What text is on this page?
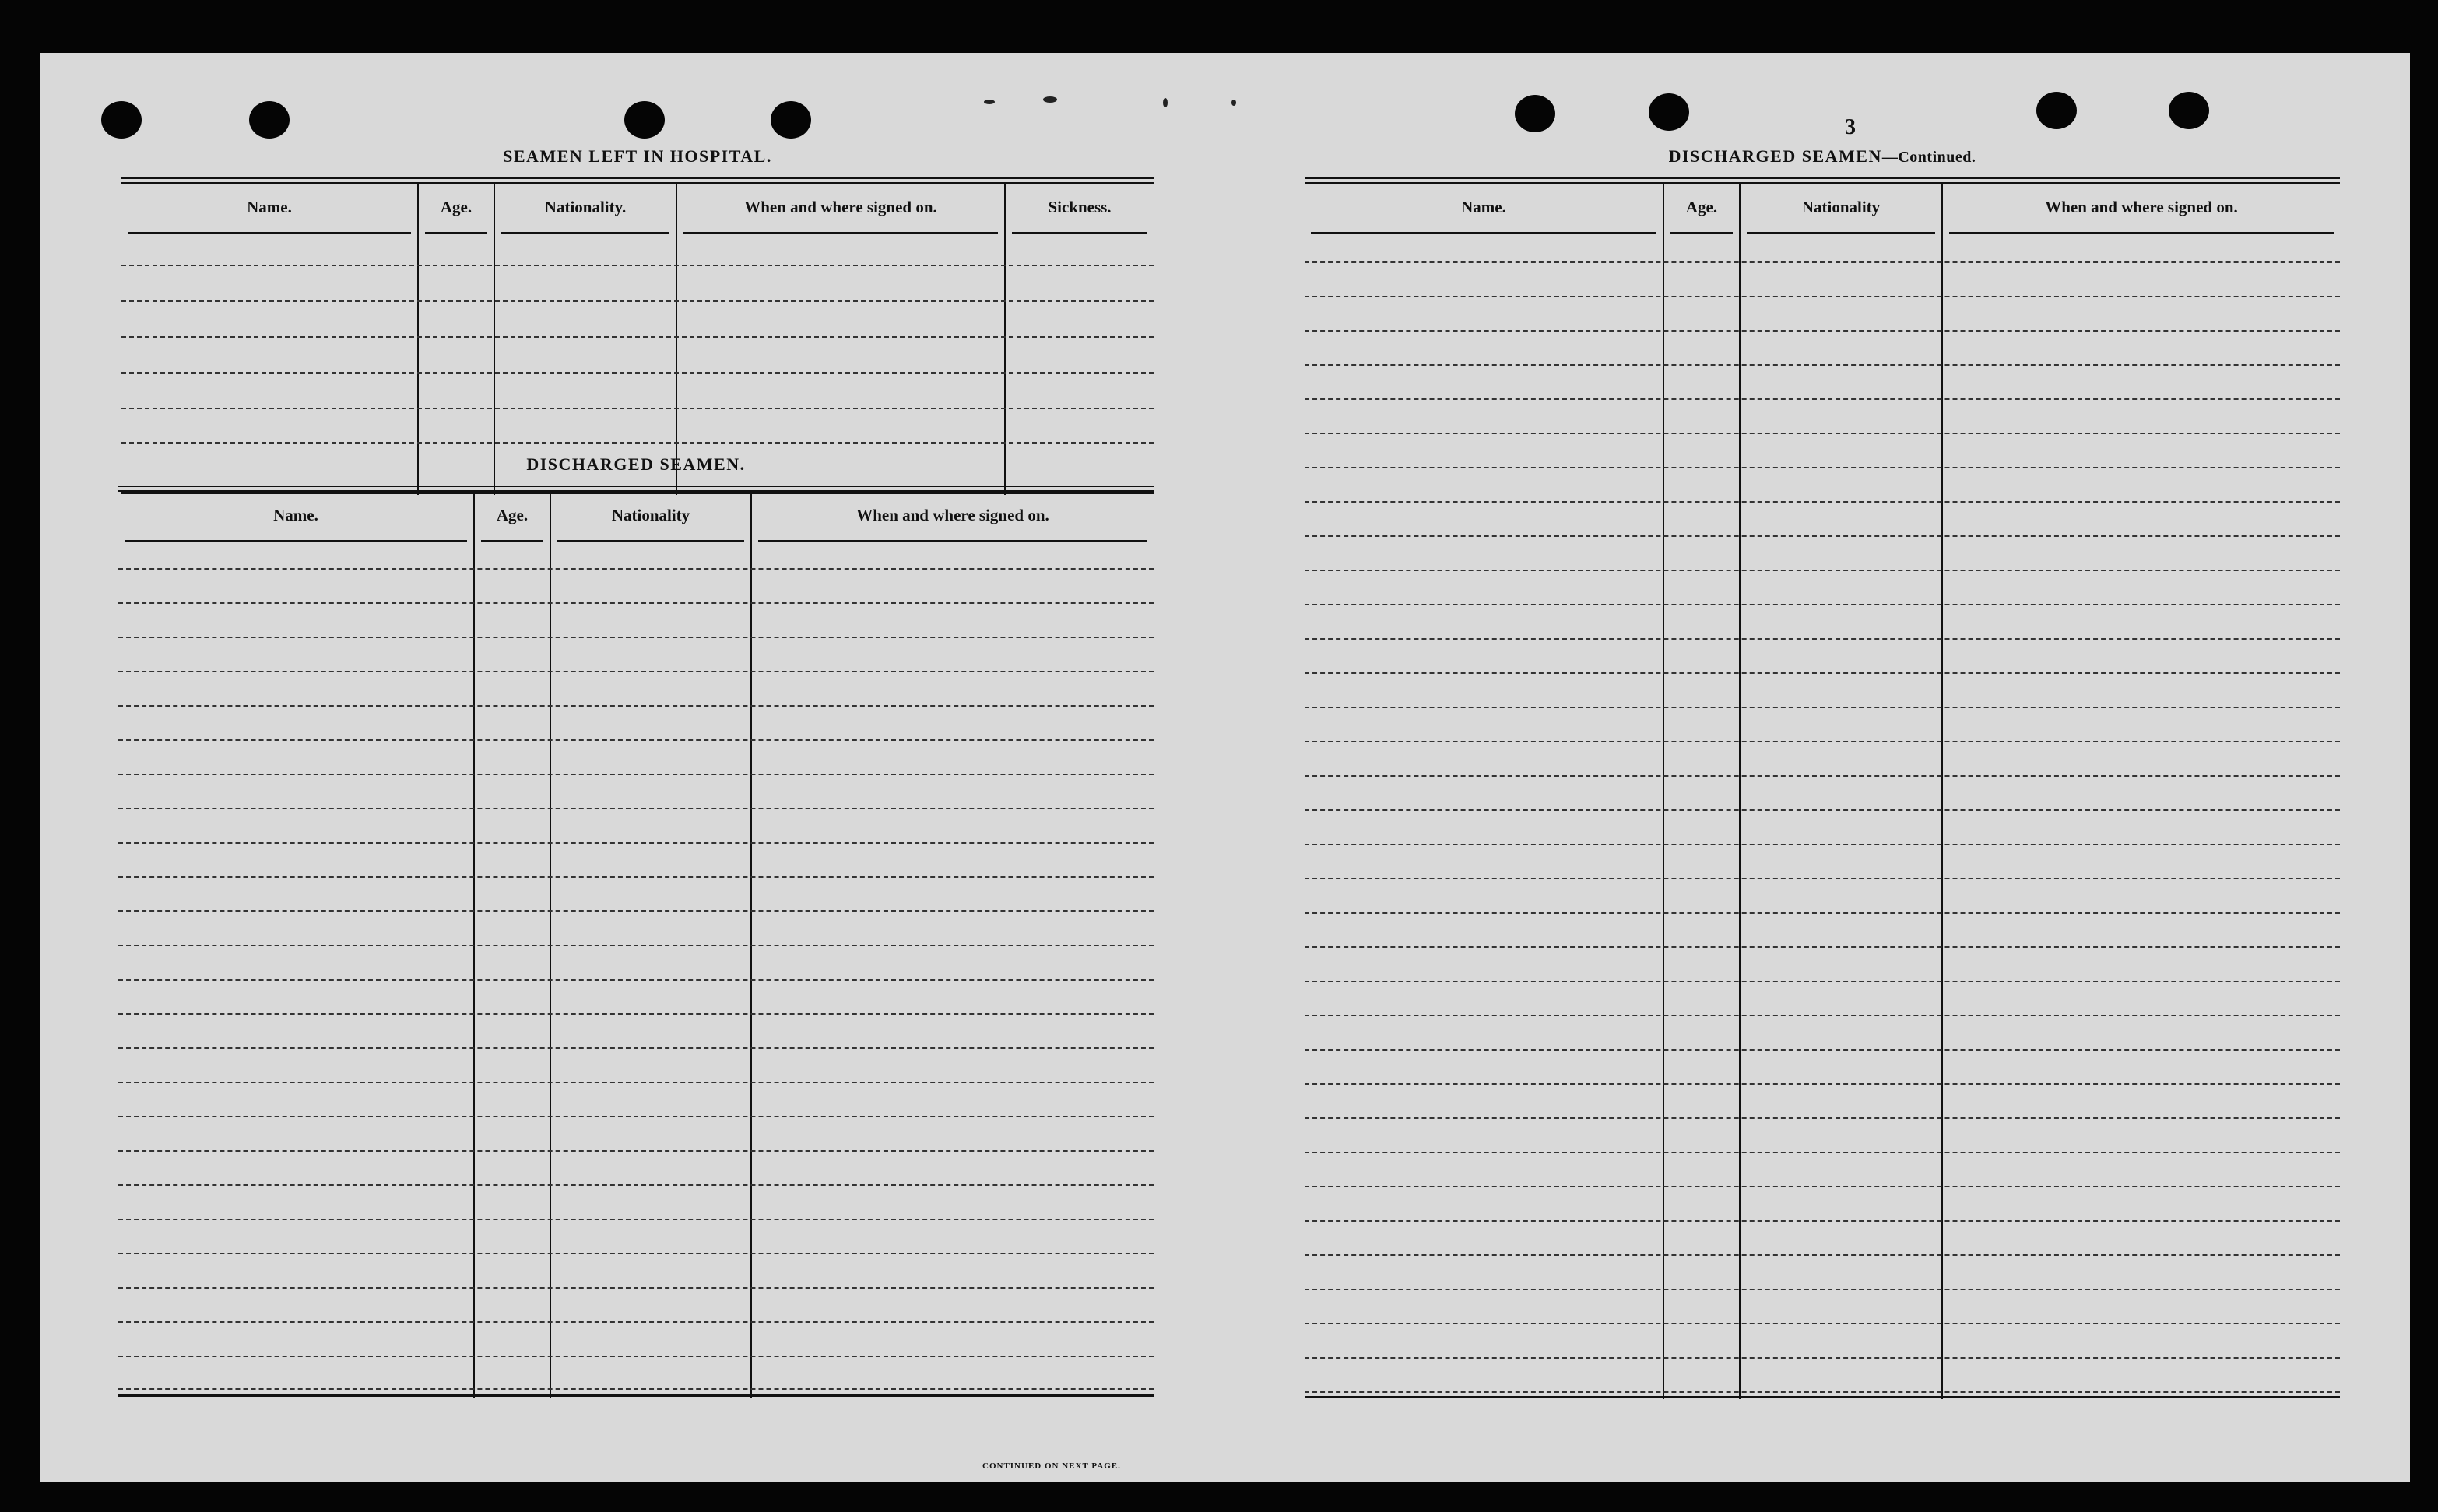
3
SEAMEN LEFT IN HOSPITAL.
Name.	Age.	Nationality.	When and where signed on.	Sickness.
DISCHARGED SEAMEN.
Name.	Age.	Nationality	When and where signed on.
CONTINUED ON NEXT PAGE.
DISCHARGED SEAMEN—Continued.
Name.	Age.	Nationality	When and where signed on.
